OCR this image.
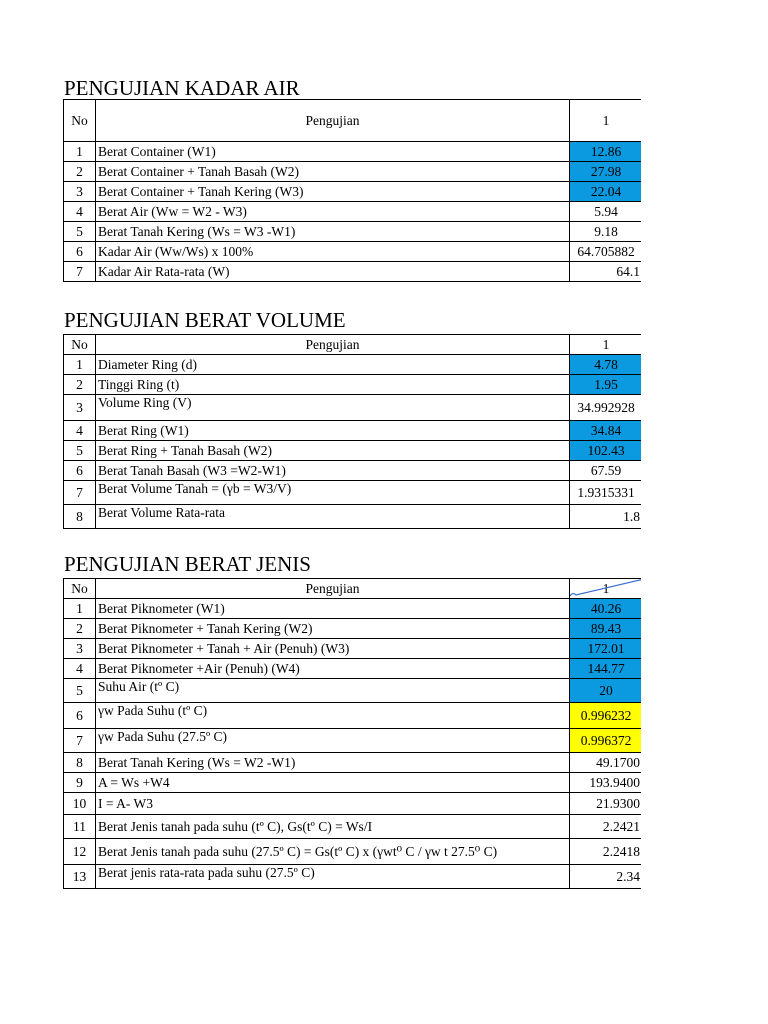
PENGUJIAN KADAR AIR
No	Pengujian	1
1	Berat Container (W1)	12.86
2	Berat Container + Tanah Basah (W2)	27.98
3	Berat Container + Tanah Kering (W3)	22.04
4	Berat Air (Ww = W2 - W3)	5.94
5	Berat Tanah Kering (Ws = W3 -W1)	9.18
6	Kadar Air (Ww/Ws) x 100%	64.705882
7	Kadar Air Rata-rata (W)	64.1
PENGUJIAN BERAT VOLUME
No	Pengujian	1
1	Diameter Ring (d)	4.78
2	Tinggi Ring (t)	1.95
3	Volume Ring (V)	34.992928
4	Berat Ring (W1)	34.84
5	Berat Ring + Tanah Basah (W2)	102.43
6	Berat Tanah Basah (W3 =W2-W1)	67.59
7	Berat Volume Tanah = (γb = W3/V)	1.9315331
8	Berat Volume Rata-rata	1.8
PENGUJIAN BERAT JENIS
No	Pengujian	1

1	Berat Piknometer (W1)	40.26
2	Berat Piknometer + Tanah Kering (W2)	89.43
3	Berat Piknometer + Tanah + Air (Penuh) (W3)	172.01
4	Berat Piknometer +Air (Penuh) (W4)	144.77
5	Suhu Air (tº C)	20
6	γw Pada Suhu (tº C)	0.996232
7	γw Pada Suhu (27.5º C)	0.996372
8	Berat Tanah Kering (Ws = W2 -W1)	49.1700
9	A = Ws +W4	193.9400
10	I = A- W3	21.9300
11	Berat Jenis tanah pada suhu (tº C), Gs(tº C) = Ws/I	2.2421
12	Berat Jenis tanah pada suhu (27.5º C) = Gs(tº C) x (γwt⁰ C / γw t 27.5⁰ C)	2.2418
13	Berat jenis rata-rata pada suhu (27.5º C)	2.34
